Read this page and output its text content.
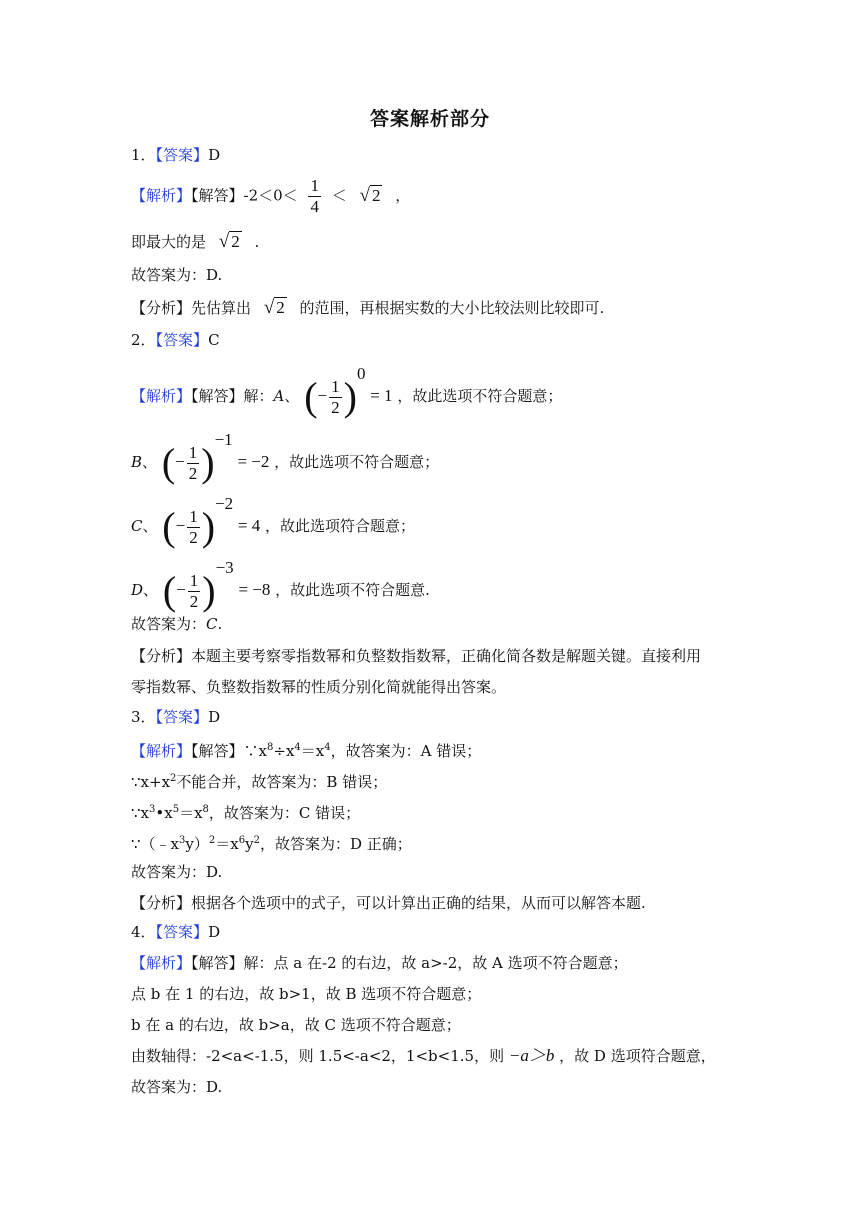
答案解析部分
1．【答案】D
【解析】【解答】$-2<0< \frac{1}{4}$ ＜ √ 2 ，
即最大的是 √ 2 .
故答案为：D.
【分析】先估算出 √ 2 的范围，再根据实数的大小比较法则比较即可.
2．【答案】C
【解析】【解答】解：A、 (− $\frac{1}{2} )^0 = 1$ ，故此选项不符合题意；
B、 (− $\frac{1}{2} )^{-1} = -2$ ，故此选项不符合题意；
C、 (− $\frac{1}{2} )^{-2} = 4$ ，故此选项符合题意；
D、 (− $\frac{1}{2} )^{-3} = -8$ ，故此选项不符合题意.
故答案为：C.
【分析】本题主要考察零指数幂和负整数指数幂，正确化简各数是解题关键。直接利用
零指数幂、负整数指数幂的性质分别化简就能得出答案。
3．【答案】D
【解析】【解答】$\because x^8\div x^4=x^4$，故答案为：A 错误；
$\because x+x^2$不能合并，故答案为：B 错误；
$\because x^3•x^5=x^8$，故答案为：C 错误；
$\because(﹣x^3y)^2=x^6y^2$，故答案为：D 正确；
故答案为：D.
【分析】根据各个选项中的式子，可以计算出正确的结果，从而可以解答本题.
4．【答案】D
【解析】【解答】解：点 a 在-2 的右边，故 a>-2，故 A 选项不符合题意；
点 b 在 1 的右边，故 b>1，故 B 选项不符合题意；
b 在 a 的右边，故 b>a，故 C 选项不符合题意；
由数轴得：-2<a<-1.5，则 1.5<-a<2，1<b<1.5，则 −a＞b ，故 D 选项符合题意，
故答案为：D.
